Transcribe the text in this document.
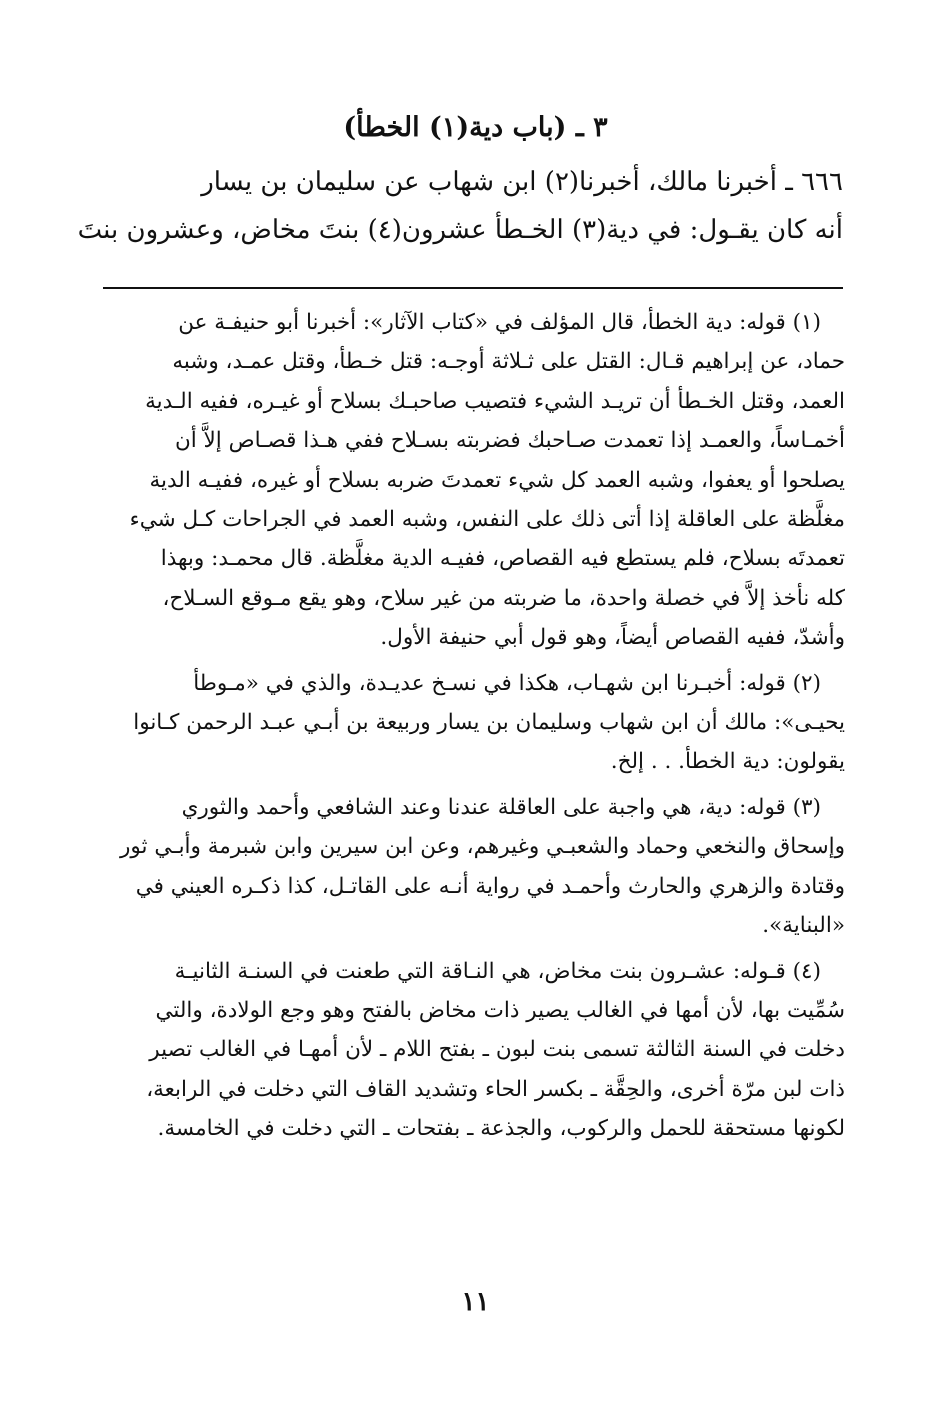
٣ ـ (باب دية(١) الخطأ)
٦٦٦ ـ أخبرنا مالك، أخبرنا(٢) ابن شهاب عن سليمان بن يسار
أنه كان يقـول: في دية(٣) الخـطأ عشرون(٤) بنتَ مخاض، وعشرون بنتَ
(١) قوله: دية الخطأ، قال المؤلف في «كتاب الآثار»: أخبرنا أبو حنيفـة عن
حماد، عن إبراهيم قـال: القتل على ثـلاثة أوجـه: قتل خـطأ، وقتل عمـد، وشبه
العمد، وقتل الخـطأ أن تريـد الشيء فتصيب صاحبـك بسلاح أو غيـره، ففيه الـدية
أخمـاساً، والعمـد إذا تعمدت صـاحبك فضربته بسـلاح ففي هـذا قصـاص إلاَّ أن
يصلحوا أو يعفوا، وشبه العمد كل شيء تعمدتَ ضربه بسلاح أو غيره، ففيـه الدية
مغلَّظة على العاقلة إذا أتى ذلك على النفس، وشبه العمد في الجراحات كـل شيء
تعمدتَه بسلاح، فلم يستطع فيه القصاص، ففيـه الدية مغلَّظة. قال محمـد: وبهذا
كله نأخذ إلاَّ في خصلة واحدة، ما ضربته من غير سلاح، وهو يقع مـوقع السـلاح،
وأشدّ، ففيه القصاص أيضاً، وهو قول أبي حنيفة الأول.
(٢) قوله: أخبـرنا ابن شهـاب، هكذا في نسـخ عديـدة، والذي في «مـوطأ
يحيـى»: مالك أن ابن شهاب وسليمان بن يسار وربيعة بن أبـي عبـد الرحمن كـانوا
يقولون: دية الخطأ. . . إلخ.
(٣) قوله: دية، هي واجبة على العاقلة عندنا وعند الشافعي وأحمد والثوري
وإسحاق والنخعي وحماد والشعبـي وغيرهم، وعن ابن سيرين وابن شبرمة وأبـي ثور
وقتادة والزهري والحارث وأحمـد في رواية أنـه على القاتـل، كذا ذكـره العيني في
«البناية».
(٤) قـوله: عشـرون بنت مخاض، هي النـاقة التي طعنت في السنـة الثانيـة
سُمِّيت بها، لأن أمها في الغالب يصير ذات مخاض بالفتح وهو وجع الولادة، والتي
دخلت في السنة الثالثة تسمى بنت لبون ـ بفتح اللام ـ لأن أمهـا في الغالب تصير
ذات لبن مرّة أخرى، والحِقَّة ـ بكسر الحاء وتشديد القاف التي دخلت في الرابعة،
لكونها مستحقة للحمل والركوب، والجذعة ـ بفتحات ـ التي دخلت في الخامسة.
١١
